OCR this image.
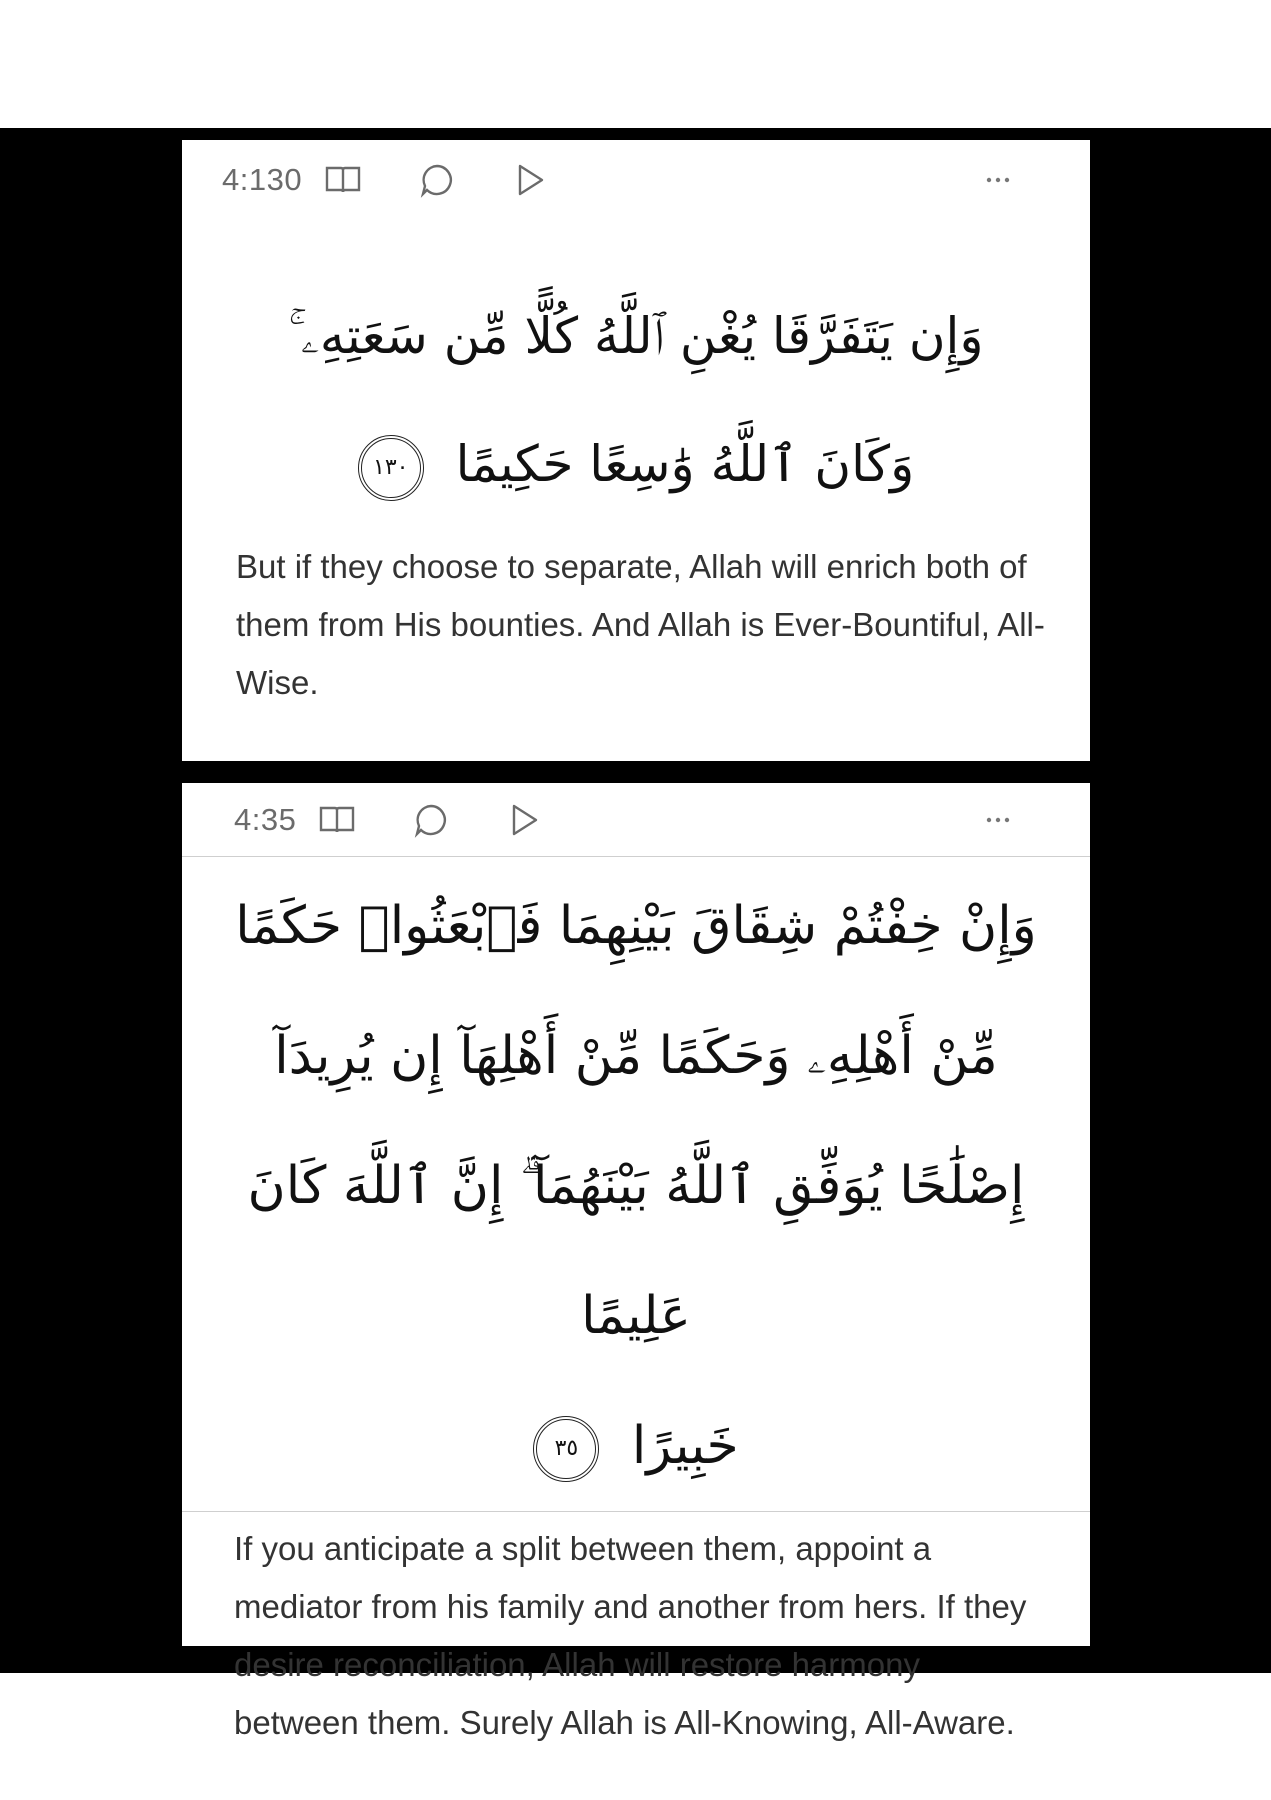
4:130
وَإِن يَتَفَرَّقَا يُغْنِ ٱللَّهُ كُلًّا مِّن سَعَتِهِۦ ۚ
وَكَانَ ٱللَّهُ وَٰسِعًا حَكِيمًا ١٣٠
But if they choose to separate, Allah will enrich both of them from His bounties. And Allah is Ever-Bountiful, All-Wise.
4:35
وَإِنْ خِفْتُمْ شِقَاقَ بَيْنِهِمَا فَٱبْعَثُوا۟ حَكَمًا
مِّنْ أَهْلِهِۦ وَحَكَمًا مِّنْ أَهْلِهَآ إِن يُرِيدَآ
إِصْلَٰحًا يُوَفِّقِ ٱللَّهُ بَيْنَهُمَآ ۗ إِنَّ ٱللَّهَ كَانَ عَلِيمًا
خَبِيرًا ٣٥
If you anticipate a split between them, appoint a mediator from his family and another from hers. If they desire reconciliation, Allah will restore harmony between them. Surely Allah is All-Knowing, All-Aware.
